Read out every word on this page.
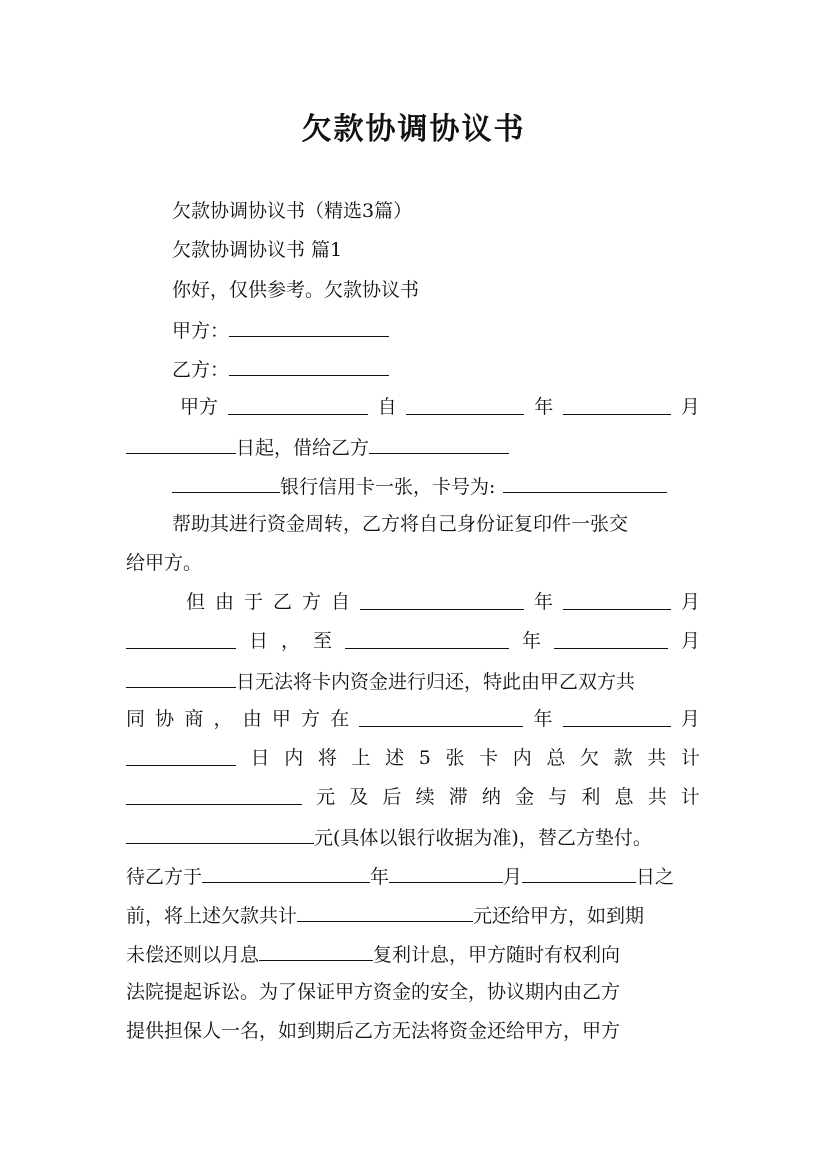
欠款协调协议书
欠款协调协议书（精选3篇）
欠款协调协议书 篇1
你好，仅供参考。欠款协议书
甲方：
乙方：
甲方	自	年	月
日起，借给乙方
银行信用卡一张，卡号为:
帮助其进行资金周转，乙方将自己身份证复印件一张交
给甲方。
但 由 于 乙 方 自	年	月
日 ， 至	年	月
日无法将卡内资金进行归还，特此由甲乙双方共
同 协 商 ， 由 甲 方 在	年	月
日 内 将 上 述 5 张 卡 内 总 欠 款 共 计
元 及 后 续 滞 纳 金 与 利 息 共 计
元(具体以银行收据为准)，替乙方垫付。
待乙方于	年	月	日之
前，将上述欠款共计	元还给甲方，如到期
未偿还则以月息	复利计息，甲方随时有权利向
法院提起诉讼。为了保证甲方资金的安全，协议期内由乙方
提供担保人一名，如到期后乙方无法将资金还给甲方，甲方
